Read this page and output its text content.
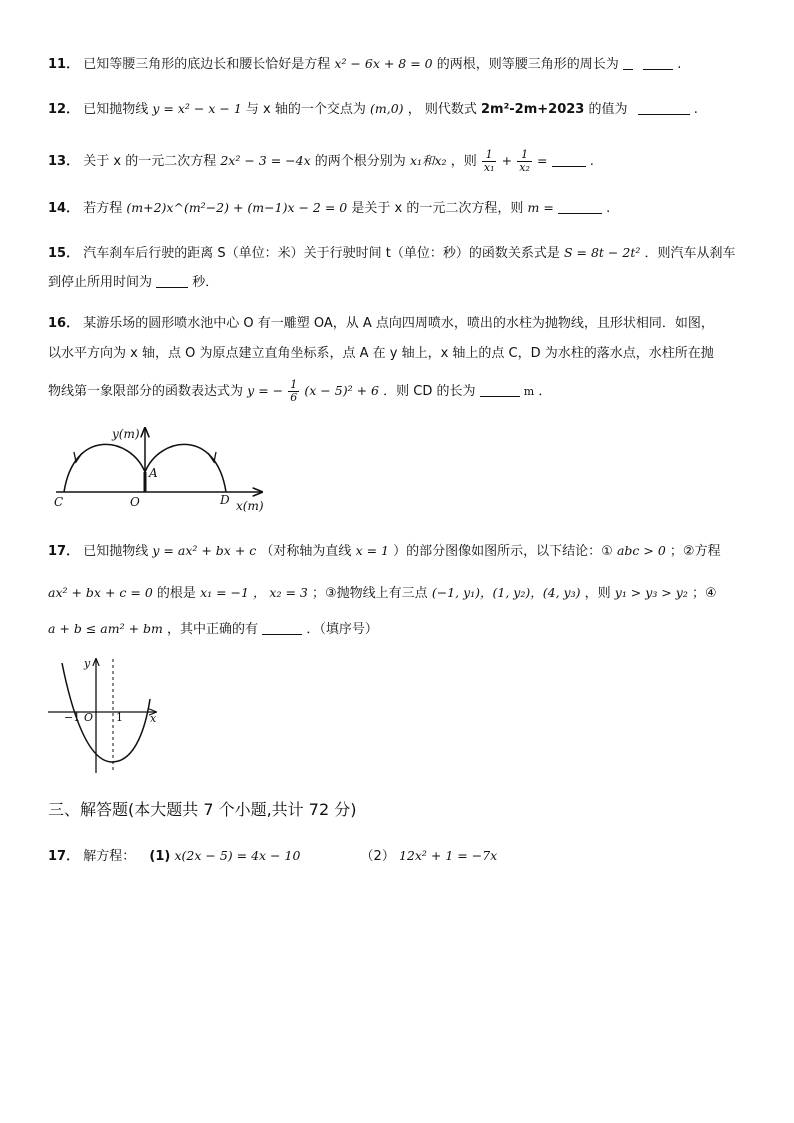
11． 已知等腰三角形的底边长和腰长恰好是方程 x² − 6x + 8 = 0 的两根，则等腰三角形的周长为	.
12． 已知抛物线 y = x² − x − 1 与 x 轴的一个交点为 (m,0) ， 则代数式 2m²-2m+2023 的值为	.
13． 关于 x 的一元二次方程 2x² − 3 = −4x 的两个根分别为 x₁和x₂ ，则 $\frac{1}{\text{x₁}} + \frac{1}{\text{x₂}}$ =	.
14． 若方程 (m+2)x^(m²−2) + (m−1)x − 2 = 0 是关于 x 的一元二次方程，则 m =	.
15． 汽车刹车后行驶的距离 S（单位：米）关于行驶时间 t（单位：秒）的函数关系式是 S = 8t − 2t² ．则汽车从刹车
到停止所用时间为	秒．
16． 某游乐场的圆形喷水池中心 O 有一雕塑 OA，从 A 点向四周喷水，喷出的水柱为抛物线，且形状相同．如图，
以水平方向为 x 轴，点 O 为原点建立直角坐标系，点 A 在 y 轴上，x 轴上的点 C，D 为水柱的落水点，水柱所在抛
物线第一象限部分的函数表达式为 y = − $\frac{1}{6} (x - 5)^2 + 6$ ．则 CD 的长为	m ．
y(m)
x(m)
A
O
C	D
17． 已知抛物线 y = ax² + bx + c （对称轴为直线 x = 1 ）的部分图像如图所示，以下结论：① abc > 0 ；②方程
ax² + bx + c = 0 的根是 x₁ = −1 ， x₂ = 3 ；③抛物线上有三点 (−1, y₁)，(1, y₂)，(4, y₃) ，则 y₁ > y₃ > y₂ ；④
a + b ≤ am² + bm ，其中正确的有	．（填序号）
y
x
−1 O 1
三、解答题(本大题共 7 个小题,共计 72 分)
17． 解方程： (1) x(2x − 5) = 4x − 10	（2） 12x² + 1 = −7x
